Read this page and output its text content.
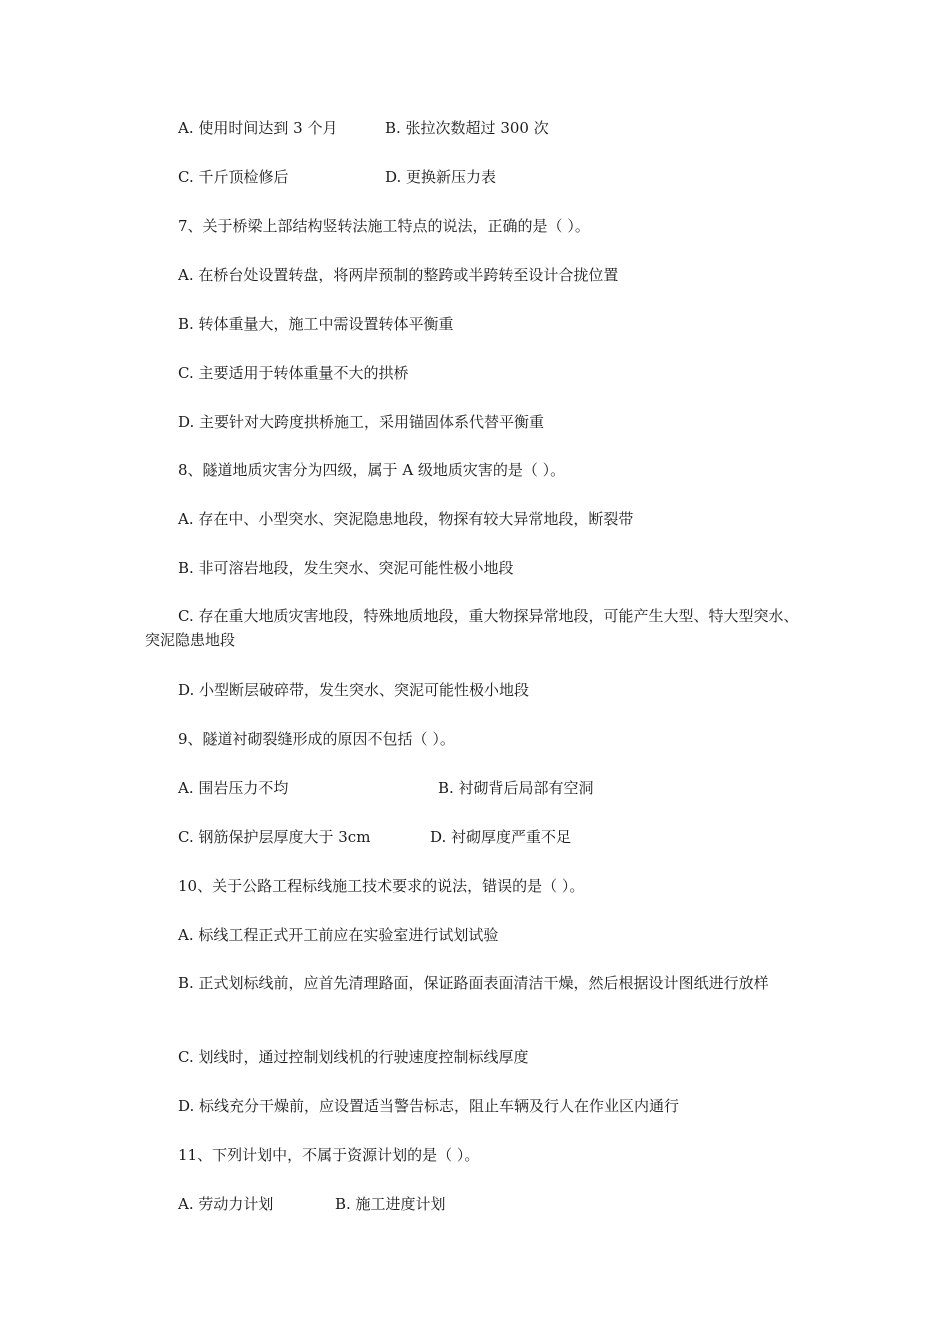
A. 使用时间达到 3 个月	B. 张拉次数超过 300 次
C. 千斤顶检修后	D. 更换新压力表
7、关于桥梁上部结构竖转法施工特点的说法，正确的是（ ）。
A. 在桥台处设置转盘，将两岸预制的整跨或半跨转至设计合拢位置
B. 转体重量大，施工中需设置转体平衡重
C. 主要适用于转体重量不大的拱桥
D. 主要针对大跨度拱桥施工，采用锚固体系代替平衡重
8、隧道地质灾害分为四级，属于 A 级地质灾害的是（ ）。
A. 存在中、小型突水、突泥隐患地段，物探有较大异常地段，断裂带
B. 非可溶岩地段，发生突水、突泥可能性极小地段
C. 存在重大地质灾害地段，特殊地质地段，重大物探异常地段，可能产生大型、特大型突水、突泥隐患地段
D. 小型断层破碎带，发生突水、突泥可能性极小地段
9、隧道衬砌裂缝形成的原因不包括（ ）。
A. 围岩压力不均	B. 衬砌背后局部有空洞
C. 钢筋保护层厚度大于 3cm	D. 衬砌厚度严重不足
10、关于公路工程标线施工技术要求的说法，错误的是（ ）。
A. 标线工程正式开工前应在实验室进行试划试验
B. 正式划标线前，应首先清理路面，保证路面表面清洁干燥，然后根据设计图纸进行放样
C. 划线时，通过控制划线机的行驶速度控制标线厚度
D. 标线充分干燥前，应设置适当警告标志，阻止车辆及行人在作业区内通行
11、下列计划中，不属于资源计划的是（ ）。
A. 劳动力计划	B. 施工进度计划
